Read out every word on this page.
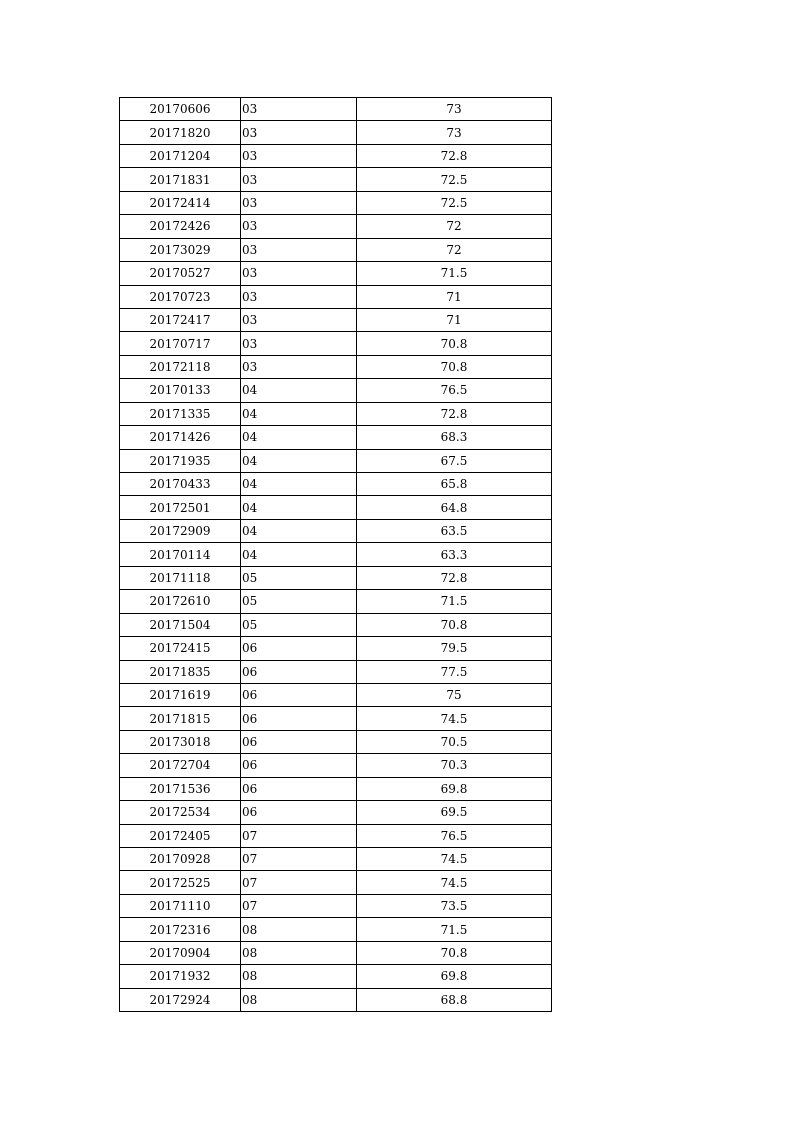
20170606	03	73
20171820	03	73
20171204	03	72.8
20171831	03	72.5
20172414	03	72.5
20172426	03	72
20173029	03	72
20170527	03	71.5
20170723	03	71
20172417	03	71
20170717	03	70.8
20172118	03	70.8
20170133	04	76.5
20171335	04	72.8
20171426	04	68.3
20171935	04	67.5
20170433	04	65.8
20172501	04	64.8
20172909	04	63.5
20170114	04	63.3
20171118	05	72.8
20172610	05	71.5
20171504	05	70.8
20172415	06	79.5
20171835	06	77.5
20171619	06	75
20171815	06	74.5
20173018	06	70.5
20172704	06	70.3
20171536	06	69.8
20172534	06	69.5
20172405	07	76.5
20170928	07	74.5
20172525	07	74.5
20171110	07	73.5
20172316	08	71.5
20170904	08	70.8
20171932	08	69.8
20172924	08	68.8
